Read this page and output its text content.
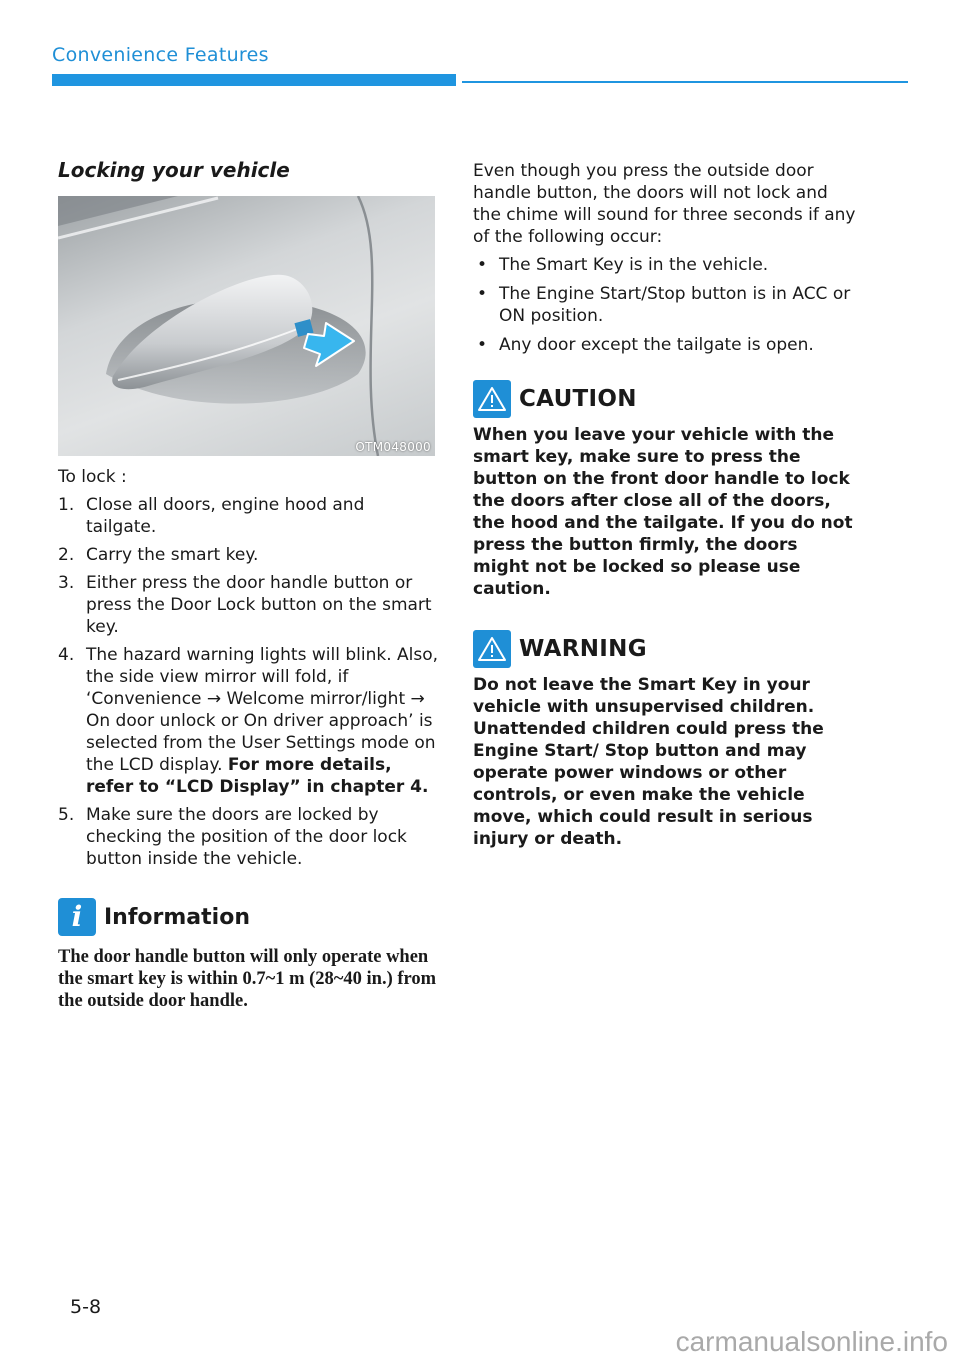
Convenience Features
Locking your vehicle
OTM048000

To lock :

1. Close all doors, engine hood and tailgate.
2. Carry the smart key.
3. Either press the door handle button or press the Door Lock button on the smart key.
4. The hazard warning lights will blink. Also, the side view mirror will fold, if ‘Convenience → Welcome mirror/light → On door unlock or On driver approach’ is selected from the User Settings mode on the LCD display. For more details, refer to “LCD Display” in chapter 4.
5. Make sure the doors are locked by checking the position of the door lock button inside the vehicle.
i Information

The door handle button will only operate when the smart key is within 0.7~1 m (28~40 in.) from the outside door handle.

Even though you press the outside door handle button, the doors will not lock and the chime will sound for three seconds if any of the following occur:

• The Smart Key is in the vehicle.
• The Engine Start/Stop button is in ACC or ON position.
• Any door except the tailgate is open.
CAUTION

When you leave your vehicle with the smart key, make sure to press the button on the front door handle to lock the doors after close all of the doors, the hood and the tailgate. If you do not press the button firmly, the doors might not be locked so please use caution.

WARNING

Do not leave the Smart Key in your vehicle with unsupervised children. Unattended children could press the Engine Start/ Stop button and may operate power windows or other controls, or even make the vehicle move, which could result in serious injury or death.

5-8
carmanualsonline.info
